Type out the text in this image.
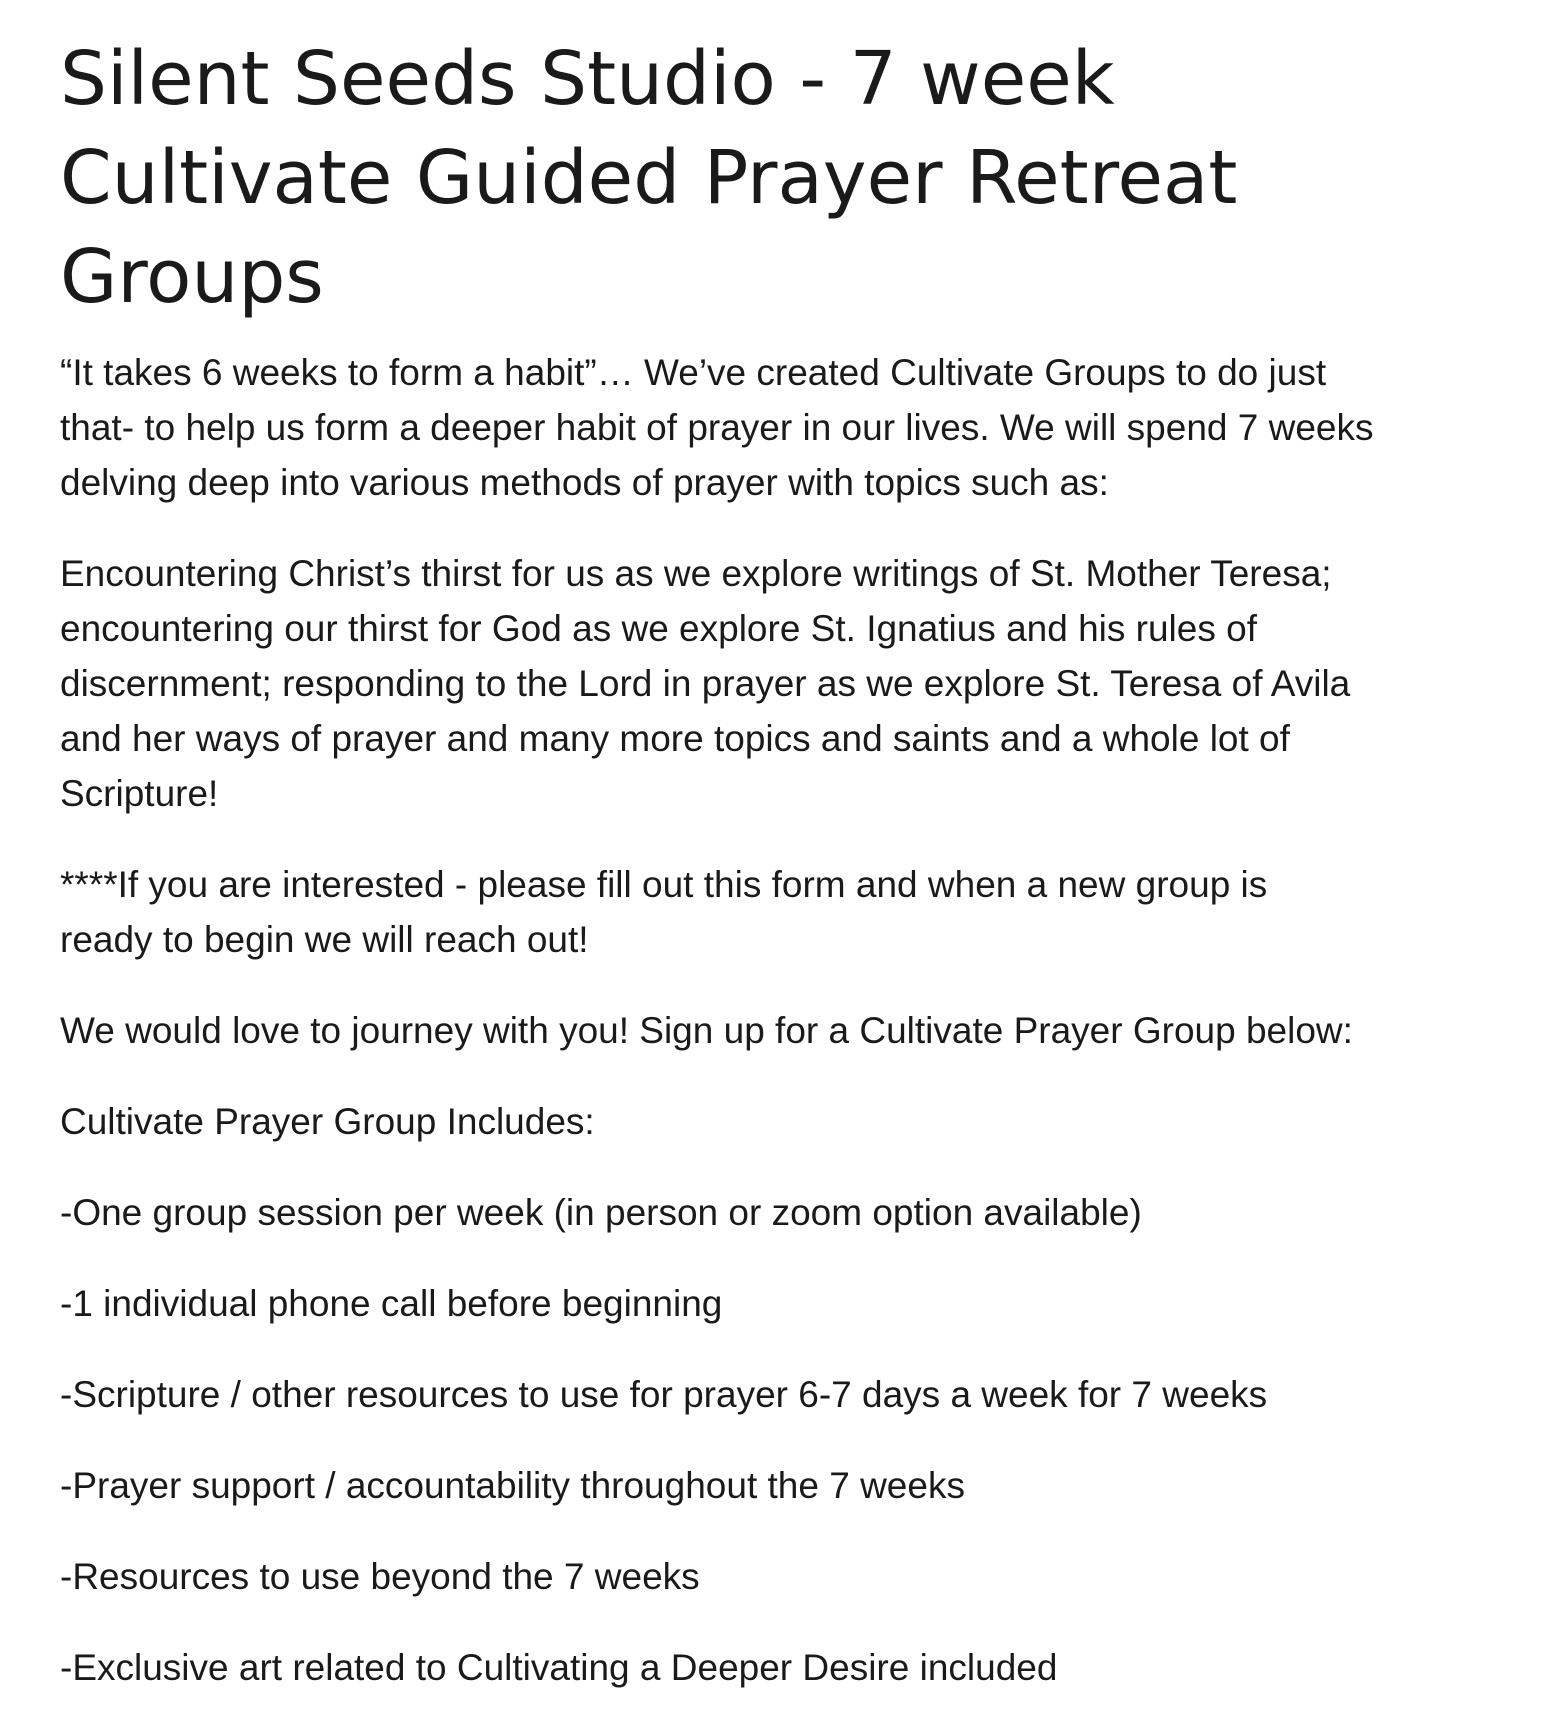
Silent Seeds Studio - 7 week
Cultivate Guided Prayer Retreat
Groups

“It takes 6 weeks to form a habit”… We’ve created Cultivate Groups to do just
that- to help us form a deeper habit of prayer in our lives. We will spend 7 weeks
delving deep into various methods of prayer with topics such as:

Encountering Christ’s thirst for us as we explore writings of St. Mother Teresa;
encountering our thirst for God as we explore St. Ignatius and his rules of
discernment; responding to the Lord in prayer as we explore St. Teresa of Avila
and her ways of prayer and many more topics and saints and a whole lot of
Scripture!

****If you are interested - please fill out this form and when a new group is
ready to begin we will reach out!

We would love to journey with you! Sign up for a Cultivate Prayer Group below:

Cultivate Prayer Group Includes:

-One group session per week (in person or zoom option available)
-1 individual phone call before beginning
-Scripture / other resources to use for prayer 6-7 days a week for 7 weeks
-Prayer support / accountability throughout the 7 weeks
-Resources to use beyond the 7 weeks
-Exclusive art related to Cultivating a Deeper Desire included
